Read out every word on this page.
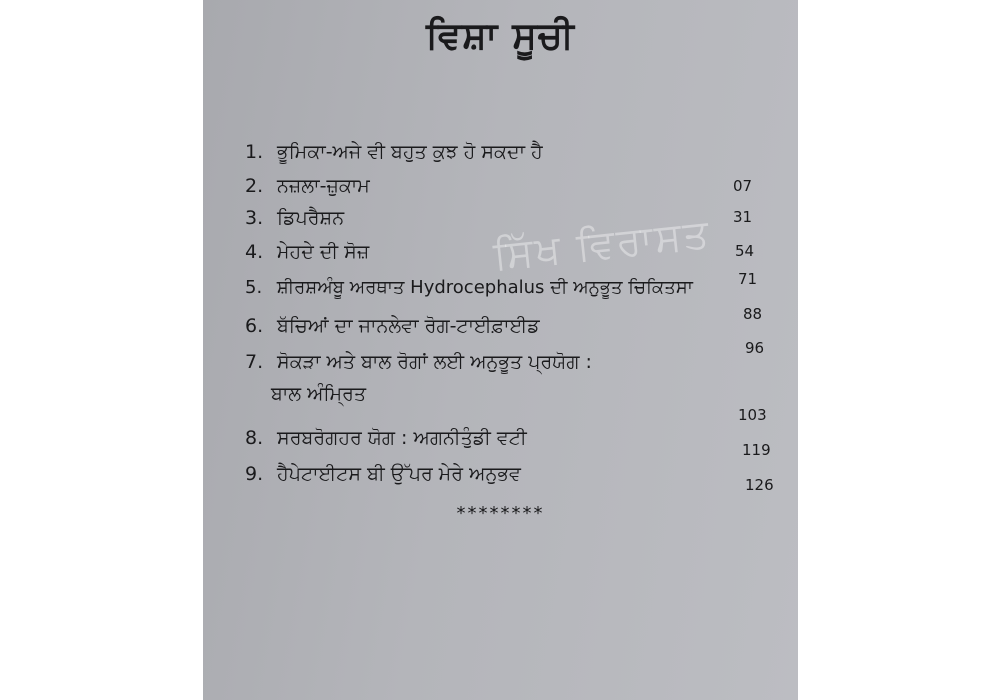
ਵਿਸ਼ਾ ਸੂਚੀ
ਸਿੱਖ ਵਿਰਾਸਤ
1. ਭੂਮਿਕਾ-ਅਜੇ ਵੀ ਬਹੁਤ ਕੁਝ ਹੋ ਸਕਦਾ ਹੈ
2. ਨਜ਼ਲਾ-ਜ਼ੁਕਾਮ
3. ਡਿਪਰੈਸ਼ਨ
4. ਮੇਹਦੇ ਦੀ ਸੋਜ਼
5. ਸ਼ੀਰਸ਼ਅੰਬੂ ਅਰਥਾਤ Hydrocephalus ਦੀ ਅਨੁਭੂਤ ਚਿਕਿਤਸਾ
6. ਬੱਚਿਆਂ ਦਾ ਜਾਨਲੇਵਾ ਰੋਗ-ਟਾਈਫ਼ਾਈਡ
7. ਸੋਕੜਾ ਅਤੇ ਬਾਲ ਰੋਗਾਂ ਲਈ ਅਨੁਭੂਤ ਪ੍ਰਯੋਗ :
ਬਾਲ ਅੰਮ੍ਰਿਤ
8. ਸਰਬਰੋਗਹਰ ਯੋਗ : ਅਗਨੀਤੁੰਡੀ ਵਟੀ
9. ਹੈਪੇਟਾਈਟਸ ਬੀ ਉੱਪਰ ਮੇਰੇ ਅਨੁਭਵ
07
31
54
71
88
96
103
119
126
********
